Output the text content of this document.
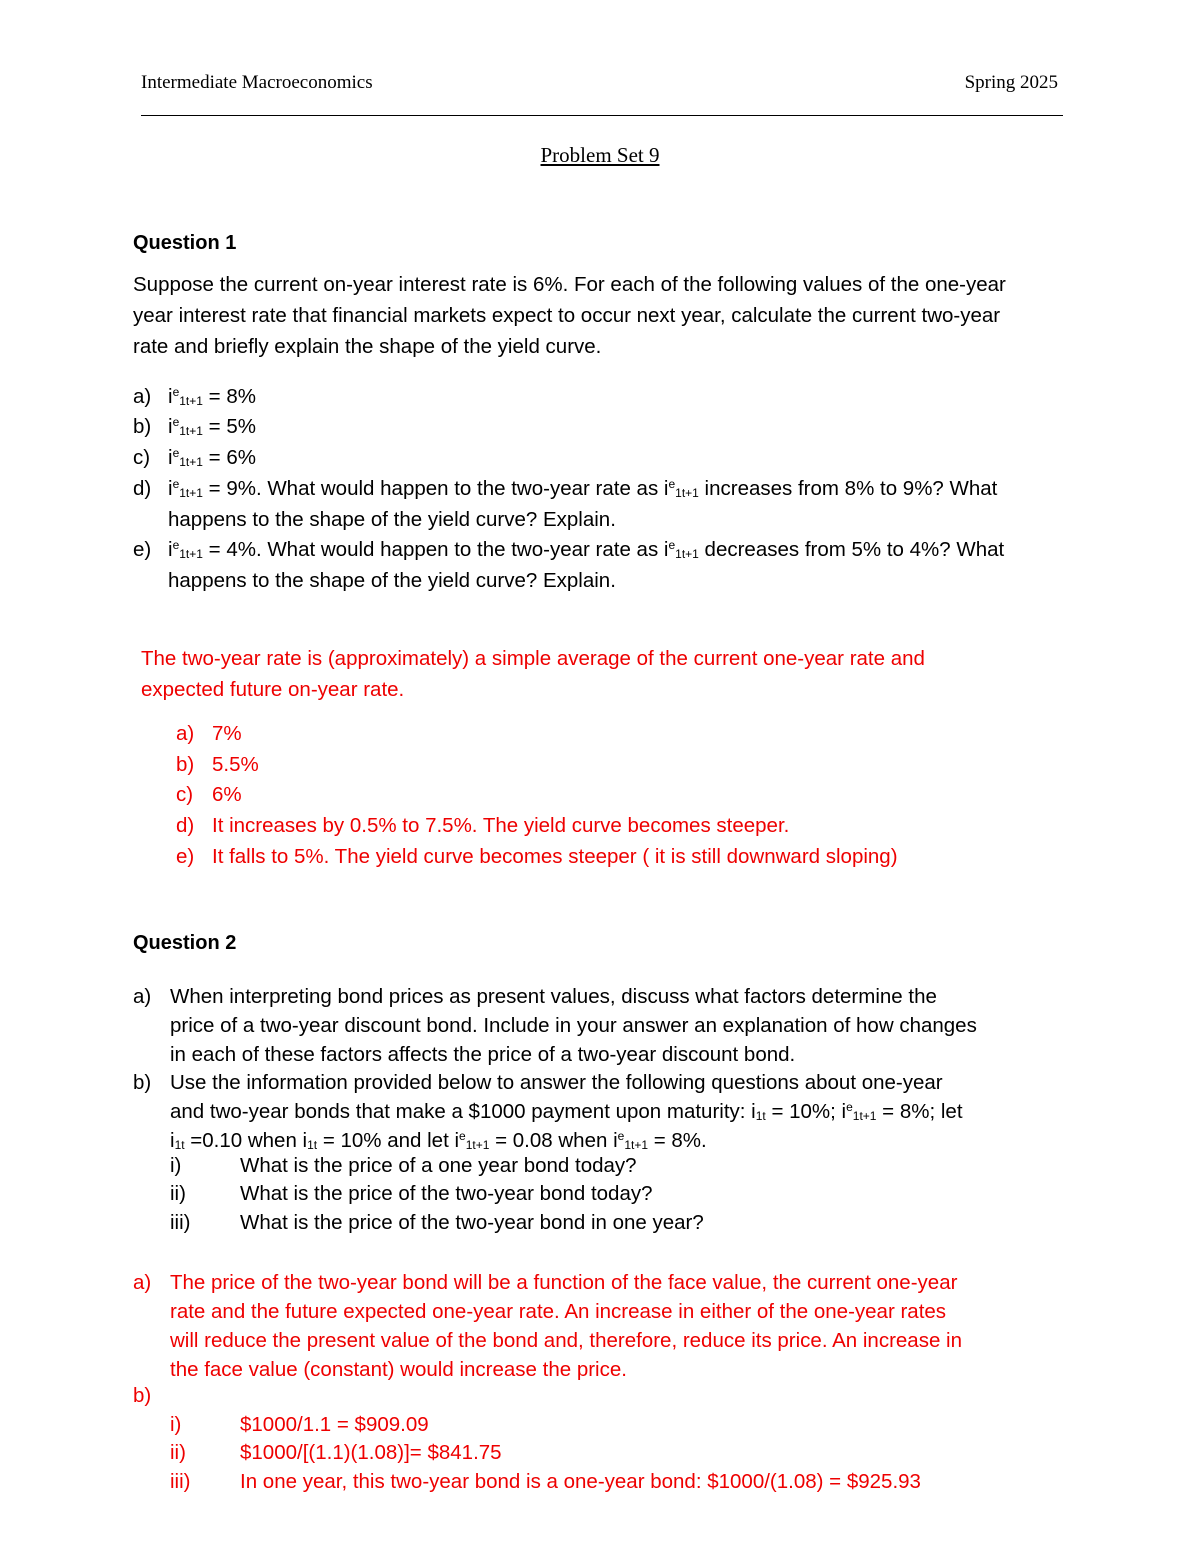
Intermediate Macroeconomics	Spring 2025
Problem Set 9
Question 1
Suppose the current on-year interest rate is 6%. For each of the following values of the one-year
year interest rate that financial markets expect to occur next year, calculate the current two-year
rate and briefly explain the shape of the yield curve.
a) $i^e_{1t+1} = 8\%$
b) $i^e_{1t+1} = 5\%$
c) $i^e_{1t+1} = 6\%$
d) $i^e_{1t+1} = 9\%$. What would happen to the two-year rate as $i^e_{1t+1}$ increases from 8% to 9%? What
happens to the shape of the yield curve? Explain.
e) $i^e_{1t+1} = 4\%$. What would happen to the two-year rate as $i^e_{1t+1}$ decreases from 5% to 4%? What
happens to the shape of the yield curve? Explain.
The two-year rate is (approximately) a simple average of the current one-year rate and
expected future on-year rate.
a) 7%
b) 5.5%
c) 6%
d) It increases by 0.5% to 7.5%. The yield curve becomes steeper.
e) It falls to 5%. The yield curve becomes steeper ( it is still downward sloping)
Question 2
a) When interpreting bond prices as present values, discuss what factors determine the
price of a two-year discount bond. Include in your answer an explanation of how changes
in each of these factors affects the price of a two-year discount bond.
b) Use the information provided below to answer the following questions about one-year
and two-year bonds that make a $1000 payment upon maturity: $i_{1t} = 10\%$; $i^e_{1t+1} = 8\%$; let
$i_{1t} =0.10$ when $i_{1t} = 10\%$ and let $i^e_{1t+1} = 0.08$ when $i^e_{1t+1} = 8\%$.
i)	What is the price of a one year bond today?
ii)	What is the price of the two-year bond today?
iii) What is the price of the two-year bond in one year?
a) The price of the two-year bond will be a function of the face value, the current one-year
rate and the future expected one-year rate. An increase in either of the one-year rates
will reduce the present value of the bond and, therefore, reduce its price. An increase in
the face value (constant) would increase the price.
b)
i)	$1000/1.1 = $909.09
ii)	$1000/[(1.1)(1.08)]= $841.75
iii) In one year, this two-year bond is a one-year bond: $1000/(1.08) = $925.93
